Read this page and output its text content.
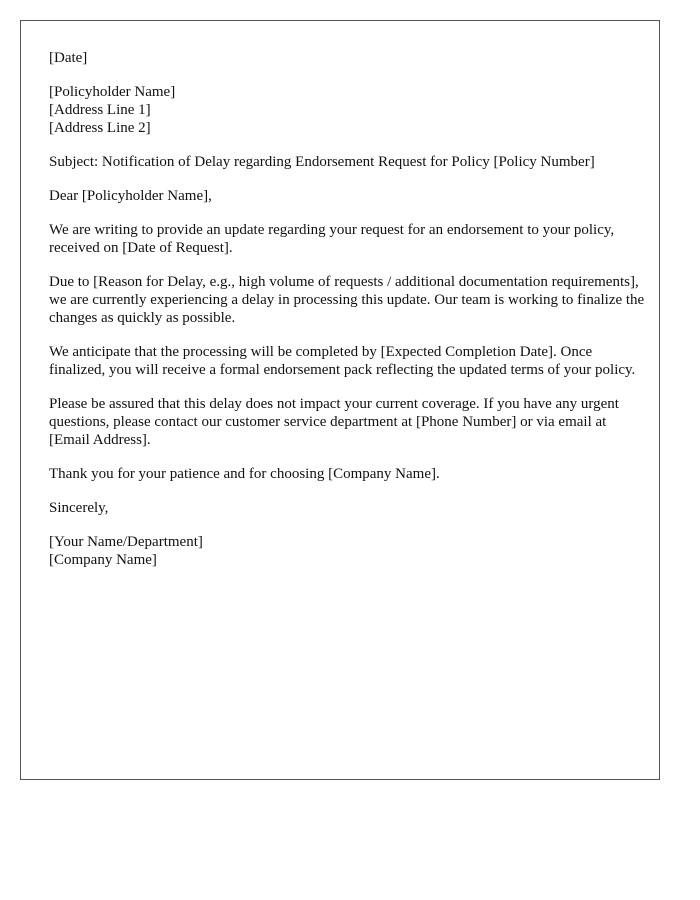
[Date]

[Policyholder Name]
[Address Line 1]
[Address Line 2]

Subject: Notification of Delay regarding Endorsement Request for Policy [Policy Number]

Dear [Policyholder Name],

We are writing to provide an update regarding your request for an endorsement to your policy, received on [Date of Request].

Due to [Reason for Delay, e.g., high volume of requests / additional documentation requirements], we are currently experiencing a delay in processing this update. Our team is working to finalize the changes as quickly as possible.

We anticipate that the processing will be completed by [Expected Completion Date]. Once finalized, you will receive a formal endorsement pack reflecting the updated terms of your policy.

Please be assured that this delay does not impact your current coverage. If you have any urgent questions, please contact our customer service department at [Phone Number] or via email at [Email Address].

Thank you for your patience and for choosing [Company Name].

Sincerely,

[Your Name/Department]
[Company Name]
